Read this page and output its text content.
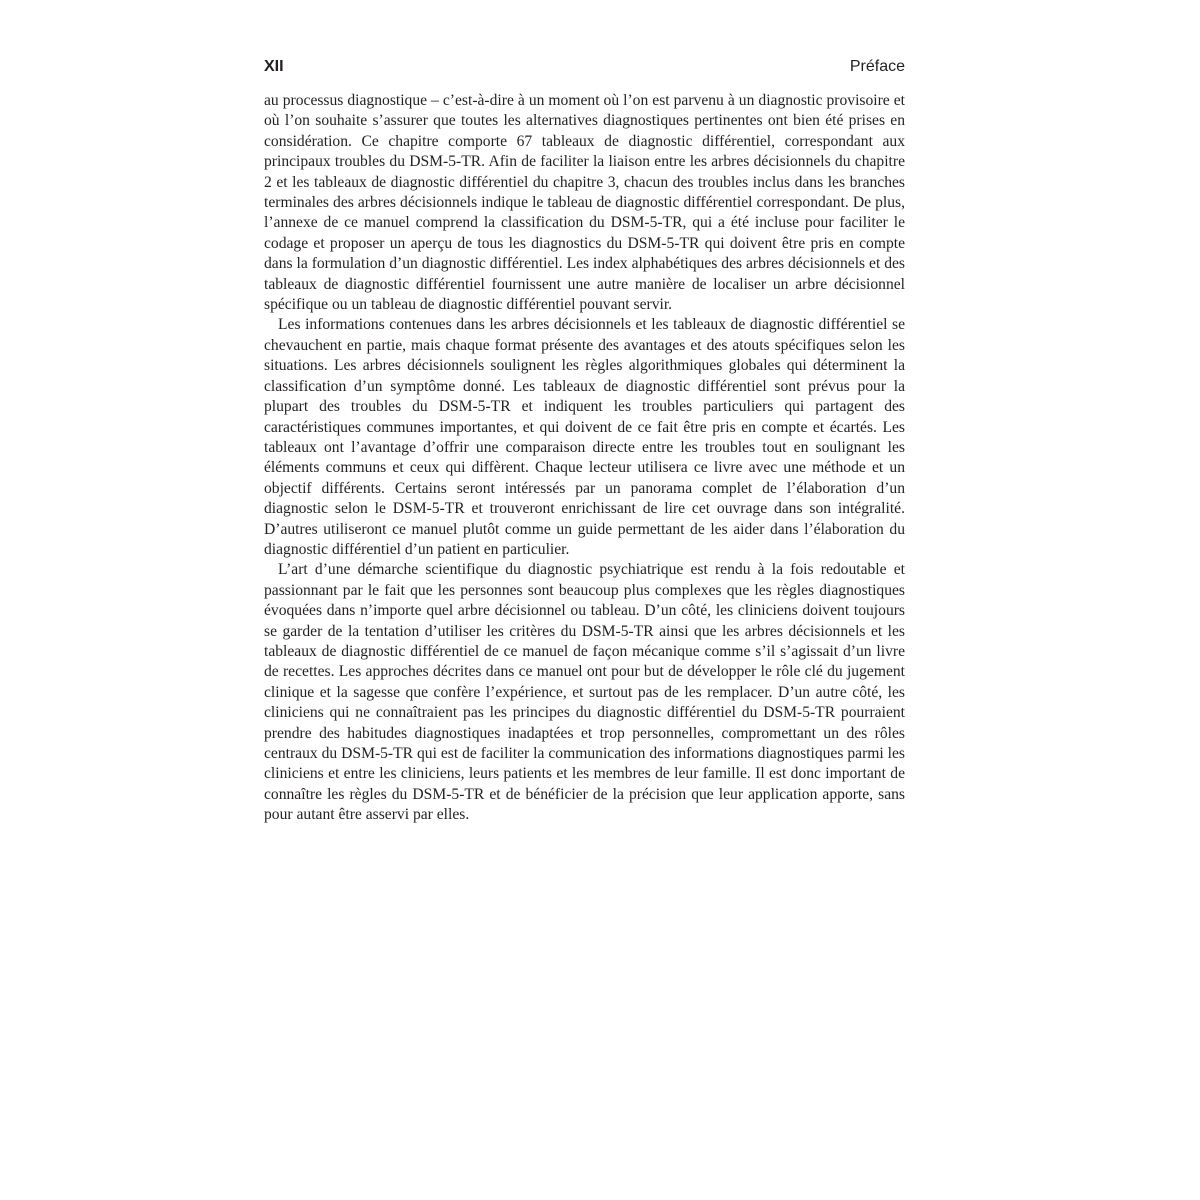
XII	Préface

au processus diagnostique – c’est-à-dire à un moment où l’on est parvenu à un diagnostic provisoire et où l’on souhaite s’assurer que toutes les alternatives diagnostiques pertinentes ont bien été prises en considération. Ce chapitre comporte 67 tableaux de diagnostic différentiel, correspondant aux principaux troubles du DSM-5-TR. Afin de faciliter la liaison entre les arbres décisionnels du chapitre 2 et les tableaux de diagnostic différentiel du chapitre 3, chacun des troubles inclus dans les branches terminales des arbres décisionnels indique le tableau de diagnostic différentiel correspondant. De plus, l’annexe de ce manuel comprend la classification du DSM-5-TR, qui a été incluse pour faciliter le codage et proposer un aperçu de tous les diagnostics du DSM-5-TR qui doivent être pris en compte dans la formulation d’un diagnostic différentiel. Les index alphabétiques des arbres décisionnels et des tableaux de diagnostic différentiel fournissent une autre manière de localiser un arbre décisionnel spécifique ou un tableau de diagnostic différentiel pouvant servir.

Les informations contenues dans les arbres décisionnels et les tableaux de diagnostic différentiel se chevauchent en partie, mais chaque format présente des avantages et des atouts spécifiques selon les situations. Les arbres décisionnels soulignent les règles algorithmiques globales qui déterminent la classification d’un symptôme donné. Les tableaux de diagnostic différentiel sont prévus pour la plupart des troubles du DSM-5-TR et indiquent les troubles particuliers qui partagent des caractéristiques communes importantes, et qui doivent de ce fait être pris en compte et écartés. Les tableaux ont l’avantage d’offrir une comparaison directe entre les troubles tout en soulignant les éléments communs et ceux qui diffèrent. Chaque lecteur utilisera ce livre avec une méthode et un objectif différents. Certains seront intéressés par un panorama complet de l’élaboration d’un diagnostic selon le DSM-5-TR et trouveront enrichissant de lire cet ouvrage dans son intégralité. D’autres utiliseront ce manuel plutôt comme un guide permettant de les aider dans l’élaboration du diagnostic différentiel d’un patient en particulier.

L’art d’une démarche scientifique du diagnostic psychiatrique est rendu à la fois redoutable et passionnant par le fait que les personnes sont beaucoup plus complexes que les règles diagnostiques évoquées dans n’importe quel arbre décisionnel ou tableau. D’un côté, les cliniciens doivent toujours se garder de la tentation d’utiliser les critères du DSM-5-TR ainsi que les arbres décisionnels et les tableaux de diagnostic différentiel de ce manuel de façon mécanique comme s’il s’agissait d’un livre de recettes. Les approches décrites dans ce manuel ont pour but de développer le rôle clé du jugement clinique et la sagesse que confère l’expérience, et surtout pas de les remplacer. D’un autre côté, les cliniciens qui ne connaîtraient pas les principes du diagnostic différentiel du DSM-5-TR pourraient prendre des habitudes diagnostiques inadaptées et trop personnelles, compromettant un des rôles centraux du DSM-5-TR qui est de faciliter la communication des informations diagnostiques parmi les cliniciens et entre les cliniciens, leurs patients et les membres de leur famille. Il est donc important de connaître les règles du DSM-5-TR et de bénéficier de la précision que leur application apporte, sans pour autant être asservi par elles.
